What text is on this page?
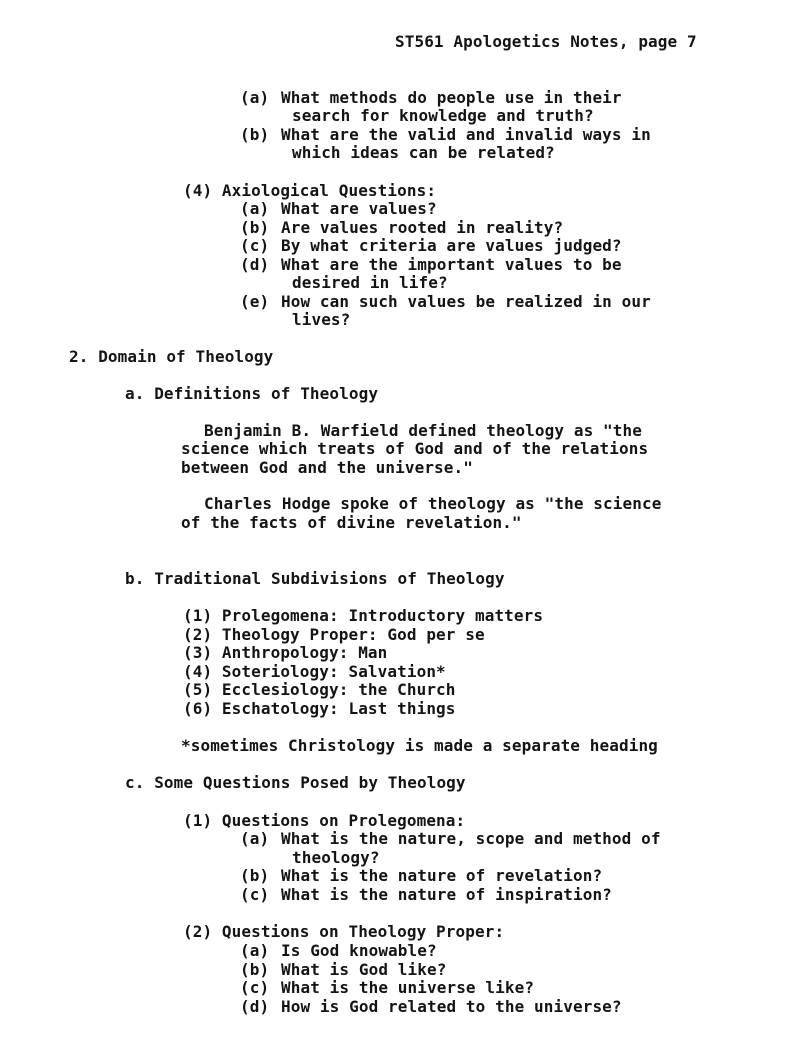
ST561 Apologetics Notes, page 7
(a) What methods do people use in their
search for knowledge and truth?
(b) What are the valid and invalid ways in
which ideas can be related?
(4) Axiological Questions:
(a) What are values?
(b) Are values rooted in reality?
(c) By what criteria are values judged?
(d) What are the important values to be
desired in life?
(e) How can such values be realized in our
lives?
2. Domain of Theology
a. Definitions of Theology
Benjamin B. Warfield defined theology as "the
science which treats of God and of the relations
between God and the universe."
Charles Hodge spoke of theology as "the science
of the facts of divine revelation."
b. Traditional Subdivisions of Theology
(1) Prolegomena: Introductory matters
(2) Theology Proper: God per se
(3) Anthropology: Man
(4) Soteriology: Salvation*
(5) Ecclesiology: the Church
(6) Eschatology: Last things
*sometimes Christology is made a separate heading
c. Some Questions Posed by Theology
(1) Questions on Prolegomena:
(a) What is the nature, scope and method of
theology?
(b) What is the nature of revelation?
(c) What is the nature of inspiration?
(2) Questions on Theology Proper:
(a) Is God knowable?
(b) What is God like?
(c) What is the universe like?
(d) How is God related to the universe?
